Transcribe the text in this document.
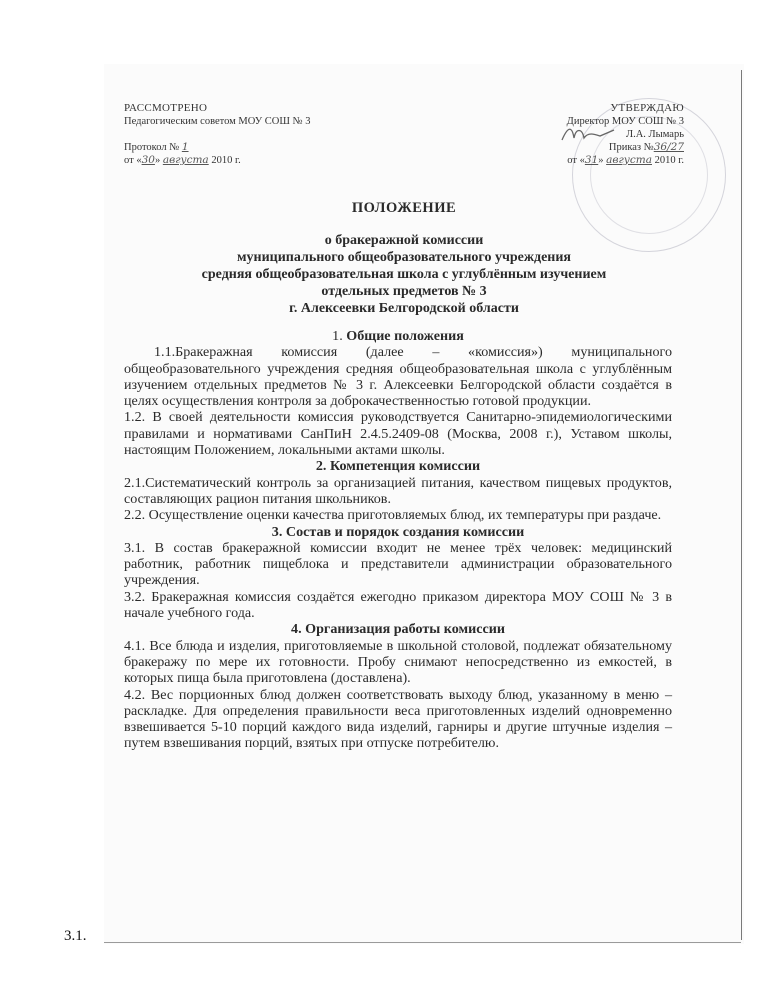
РАССМОТРЕНО
Педагогическим советом МОУ СОШ № 3
Протокол № 1
от «30» августа 2010 г.
УТВЕРЖДАЮ
Директор МОУ СОШ № 3
Л.А. Лымарь
Приказ №36/27
от «31» августа 2010 г.
ПОЛОЖЕНИЕ
о бракеражной комиссии
муниципального общеобразовательного учреждения
средняя общеобразовательная школа с углублённым изучением
отдельных предметов № 3
г. Алексеевки Белгородской области
1. Общие положения

1.1.Бракеражная комиссия (далее – «комиссия») муниципального общеобразовательного учреждения средняя общеобразовательная школа с углублённым изучением отдельных предметов № 3 г. Алексеевки Белгородской области создаётся в целях осуществления контроля за доброкачественностью готовой продукции.

1.2. В своей деятельности комиссия руководствуется Санитарно-эпидемиологическими правилами и нормативами СанПиН 2.4.5.2409-08 (Москва, 2008 г.), Уставом школы, настоящим Положением, локальными актами школы.

2. Компетенция комиссии

2.1.Систематический контроль за организацией питания, качеством пищевых продуктов, составляющих рацион питания школьников.

2.2. Осуществление оценки качества приготовляемых блюд, их температуры при раздаче.

3. Состав и порядок создания комиссии

3.1. В состав бракеражной комиссии входит не менее трёх человек: медицинский работник, работник пищеблока и представители администрации образовательного учреждения.

3.2. Бракеражная комиссия создаётся ежегодно приказом директора МОУ СОШ № 3 в начале учебного года.

4. Организация работы комиссии

4.1. Все блюда и изделия, приготовляемые в школьной столовой, подлежат обязательному бракеражу по мере их готовности. Пробу снимают непосредственно из емкостей, в которых пища была приготовлена (доставлена).

4.2. Вес порционных блюд должен соответствовать выходу блюд, указанному в меню – раскладке. Для определения правильности веса приготовленных изделий одновременно взвешивается 5-10 порций каждого вида изделий, гарниры и другие штучные изделия – путем взвешивания порций, взятых при отпуске потребителю.

3.1.
